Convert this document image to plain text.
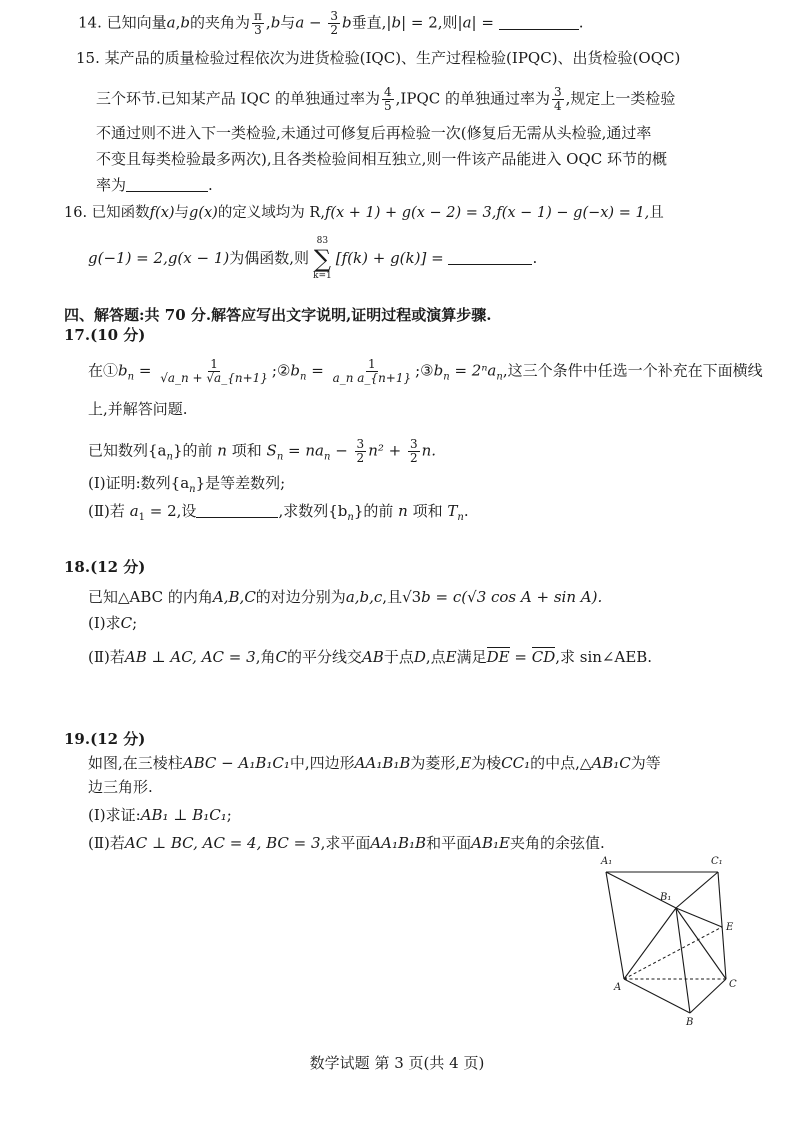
14. 已知向量a,b的夹角为 $\frac{\pi}{3} ,b$与$a - \frac{3}{2}$ b垂直,|b| = 2,则|a| =	.
15. 某产品的质量检验过程依次为进货检验(IQC)、生产过程检验(IPQC)、出货检验(OQC)
三个环节.已知某产品 IQC 的单独通过率为 $\frac{4}{5}$ ,IPQC 的单独通过率为 $\frac{3}{4}$ ,规定上一类检验
不通过则不进入下一类检验,未通过可修复后再检验一次(修复后无需从头检验,通过率
不变且每类检验最多两次),且各类检验间相互独立,则一件该产品能进入 OQC 环节的概
率为	.
16. 已知函数f(x)与g(x)的定义域均为 R,f(x + 1) + g(x − 2) = 3,f(x − 1) − g(−x) = 1,且
g(−1) = 2,g(x − 1)为偶函数,则
83
∑
k=1
[f(k) + g(k)] =	.
四、解答题:共 70 分.解答应写出文字说明,证明过程或演算步骤.
17.(10 分)
在$①b_n = \frac{1}{√a\_n + √a\_\{n+1\}}$ $;②b_n = \frac{1}{\text{a\_n a\_\{n+1\}}}$ $;③b_n = 2^na_n$,这三个条件中任选一个补充在下面横线
上,并解答问题.
已知数列$\{a_n\}$的前 n 项和 $S_n = na_n - \frac{3}{2} n^2 + \frac{3}{2} n$.
(Ⅰ)证明:数列$\{a_n\}$是等差数列;
(Ⅱ)若 $a_1 = 2$,设	,求数列$\{b_n\}$的前 n 项和 $T_n$.
18.(12 分)
已知△ABC 的内角A,B,C的对边分别为a,b,c,且√3b = c(√3 cos A + sin A).
(Ⅰ)求C;
(Ⅱ)若AB ⊥ AC, AC = 3,角C的平分线交AB于点D,点E满足DE = CD,求 sin∠AEB.
19.(12 分)
如图,在三棱柱ABC − A₁B₁C₁中,四边形AA₁B₁B为菱形,E为棱CC₁的中点,△AB₁C为等
边三角形.
(Ⅰ)求证:AB₁ ⊥ B₁C₁;
(Ⅱ)若AC ⊥ BC, AC = 4, BC = 3,求平面AA₁B₁B和平面AB₁E夹角的余弦值.
A₁	C₁
B₁
E
A	C
B
数学试题 第 3 页(共 4 页)
